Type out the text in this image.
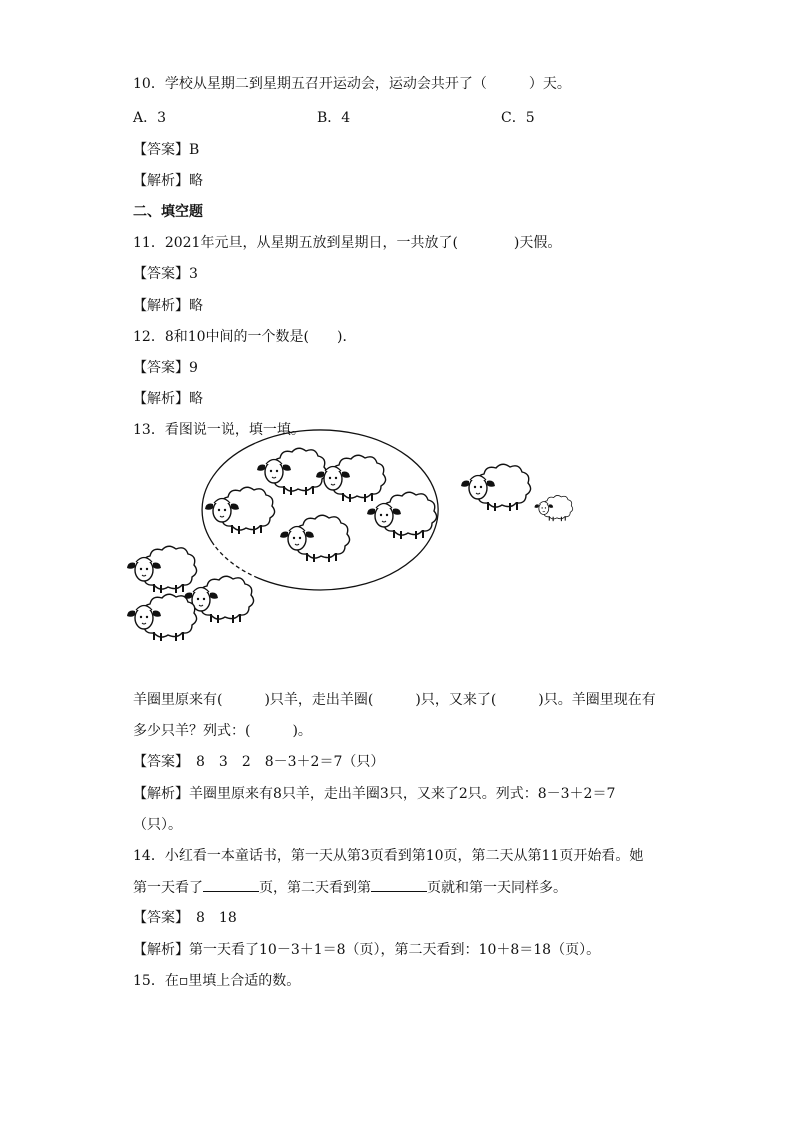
10．学校从星期二到星期五召开运动会，运动会共开了（　　　）天。
A．3	B．4	C．5
【答案】B
【解析】略
二、填空题
11．2021年元旦，从星期五放到星期日，一共放了(　　　　)天假。
【答案】3
【解析】略
12．8和10中间的一个数是(　　)．
【答案】9
【解析】略
13．看图说一说，填一填。
羊圈里原来有(　　　)只羊，走出羊圈(　　　)只，又来了(　　　)只。羊圈里现在有
多少只羊？列式：(　　　)。
【答案】　8　3　2　8－3＋2＝7（只）
【解析】羊圈里原来有8只羊，走出羊圈3只，又来了2只。列式：8－3＋2＝7
（只）。
14．小红看一本童话书，第一天从第3页看到第10页，第二天从第11页开始看。她
第一天看了	页，第二天看到第	页就和第一天同样多。
【答案】　8　18
【解析】第一天看了10－3＋1＝8（页），第二天看到：10＋8＝18（页）。
15．在▫里填上合适的数。
